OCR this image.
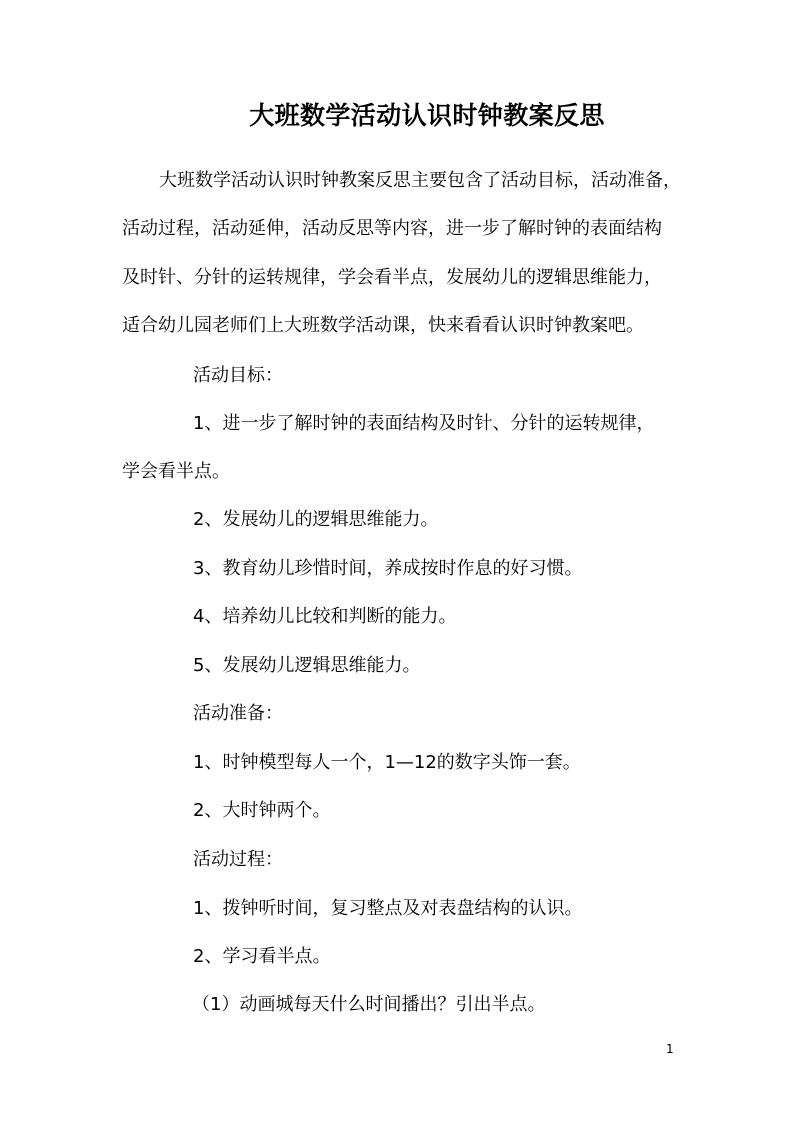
大班数学活动认识时钟教案反思
大班数学活动认识时钟教案反思主要包含了活动目标，活动准备，
活动过程，活动延伸，活动反思等内容，进一步了解时钟的表面结构
及时针、分针的运转规律，学会看半点，发展幼儿的逻辑思维能力，
适合幼儿园老师们上大班数学活动课，快来看看认识时钟教案吧。
活动目标：
1、进一步了解时钟的表面结构及时针、分针的运转规律，
学会看半点。
2、发展幼儿的逻辑思维能力。
3、教育幼儿珍惜时间，养成按时作息的好习惯。
4、培养幼儿比较和判断的能力。
5、发展幼儿逻辑思维能力。
活动准备：
1、时钟模型每人一个，1—12的数字头饰一套。
2、大时钟两个。
活动过程：
1、拨钟听时间，复习整点及对表盘结构的认识。
2、学习看半点。
（1）动画城每天什么时间播出？引出半点。
1
